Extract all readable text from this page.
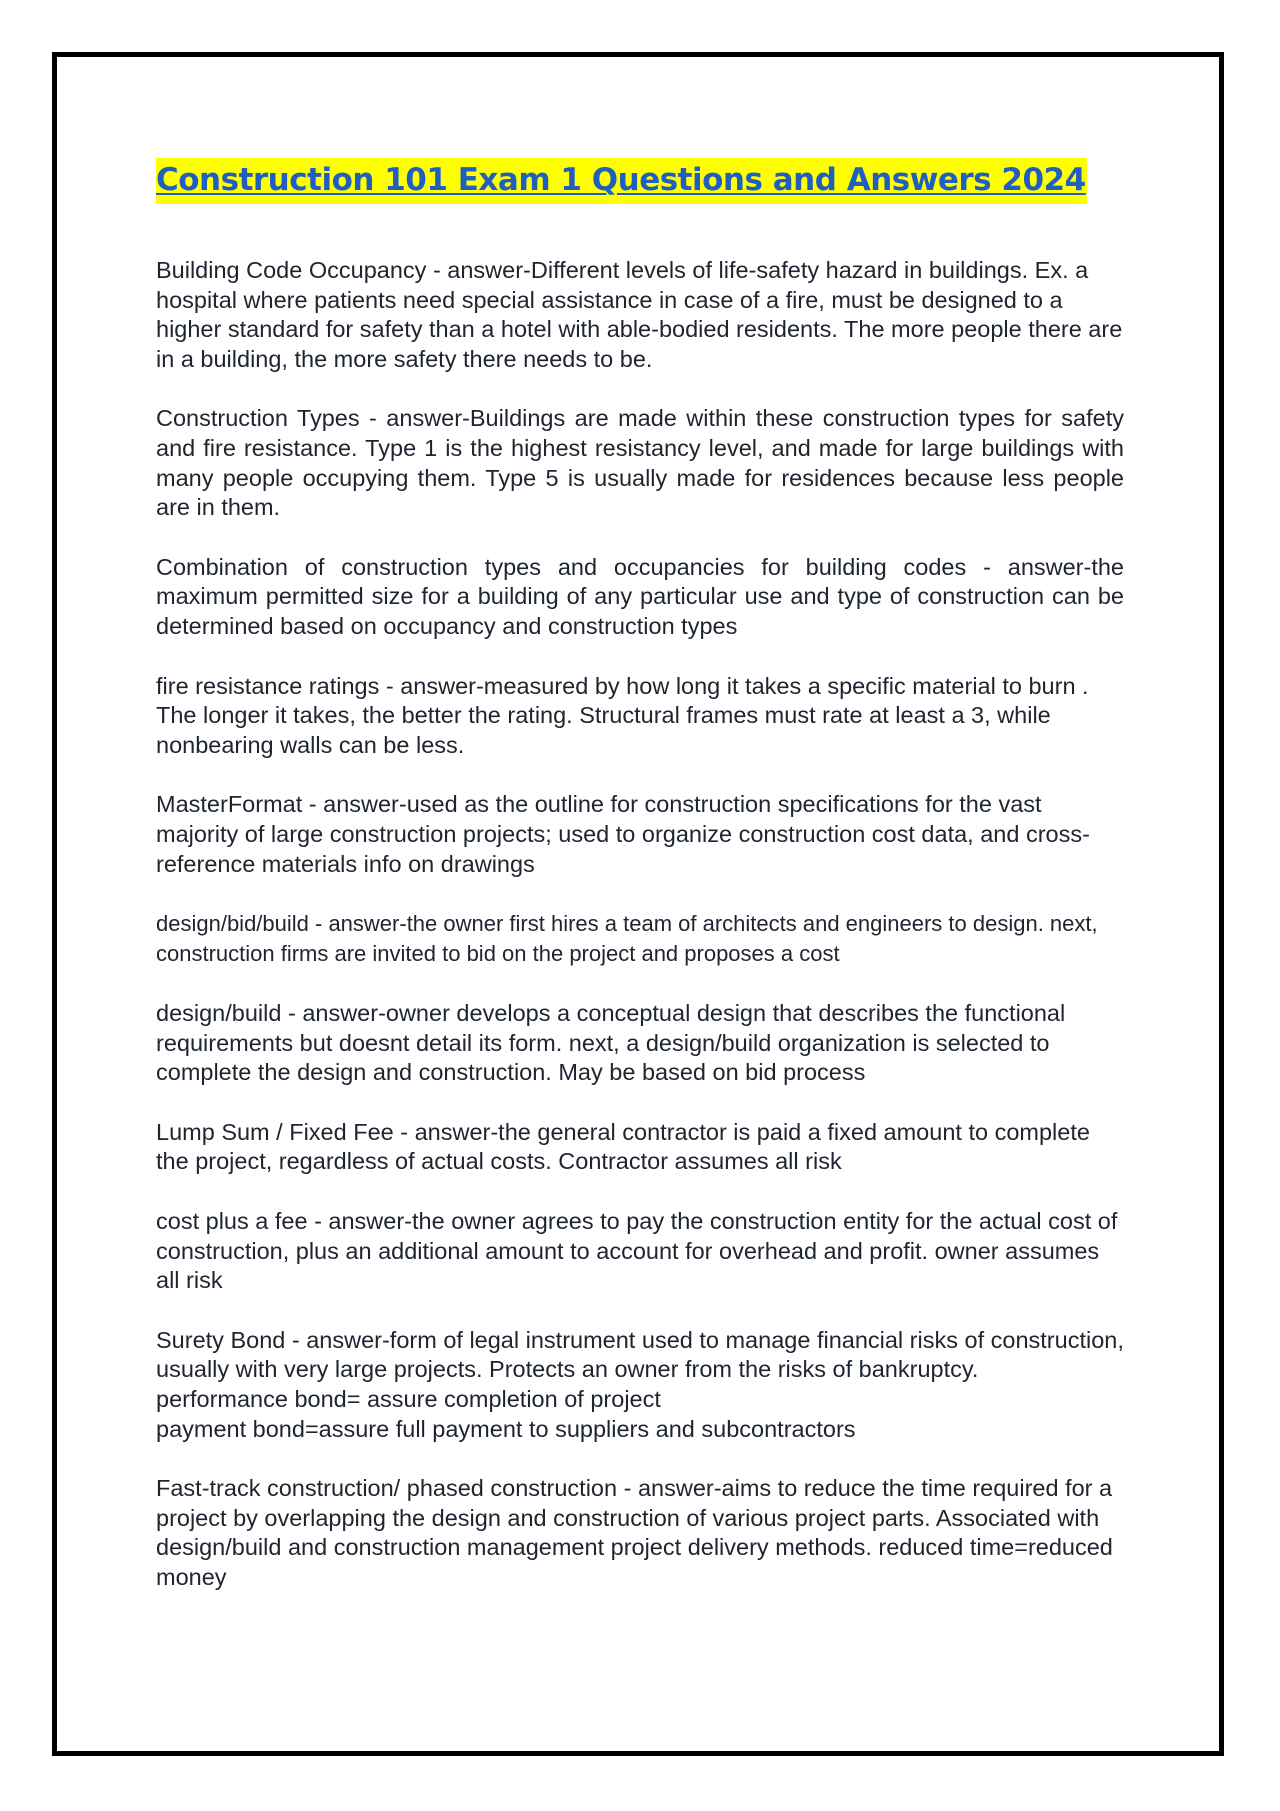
Construction 101 Exam 1 Questions and Answers 2024

Building Code Occupancy - answer-Different levels of life-safety hazard in buildings. Ex. a hospital where patients need special assistance in case of a fire, must be designed to a higher standard for safety than a hotel with able-bodied residents. The more people there are in a building, the more safety there needs to be.

Construction Types - answer-Buildings are made within these construction types for safety and fire resistance. Type 1 is the highest resistancy level, and made for large buildings with many people occupying them. Type 5 is usually made for residences because less people are in them.

Combination of construction types and occupancies for building codes - answer-the maximum permitted size for a building of any particular use and type of construction can be determined based on occupancy and construction types

fire resistance ratings - answer-measured by how long it takes a specific material to burn . The longer it takes, the better the rating. Structural frames must rate at least a 3, while nonbearing walls can be less.

MasterFormat - answer-used as the outline for construction specifications for the vast majority of large construction projects; used to organize construction cost data, and cross-reference materials info on drawings

design/bid/build - answer-the owner first hires a team of architects and engineers to design. next, construction firms are invited to bid on the project and proposes a cost

design/build - answer-owner develops a conceptual design that describes the functional requirements but doesnt detail its form. next, a design/build organization is selected to complete the design and construction. May be based on bid process

Lump Sum / Fixed Fee - answer-the general contractor is paid a fixed amount to complete the project, regardless of actual costs. Contractor assumes all risk

cost plus a fee - answer-the owner agrees to pay the construction entity for the actual cost of construction, plus an additional amount to account for overhead and profit. owner assumes all risk

Surety Bond - answer-form of legal instrument used to manage financial risks of construction, usually with very large projects. Protects an owner from the risks of bankruptcy.
performance bond= assure completion of project
payment bond=assure full payment to suppliers and subcontractors

Fast-track construction/ phased construction - answer-aims to reduce the time required for a project by overlapping the design and construction of various project parts. Associated with design/build and construction management project delivery methods. reduced time=reduced money
